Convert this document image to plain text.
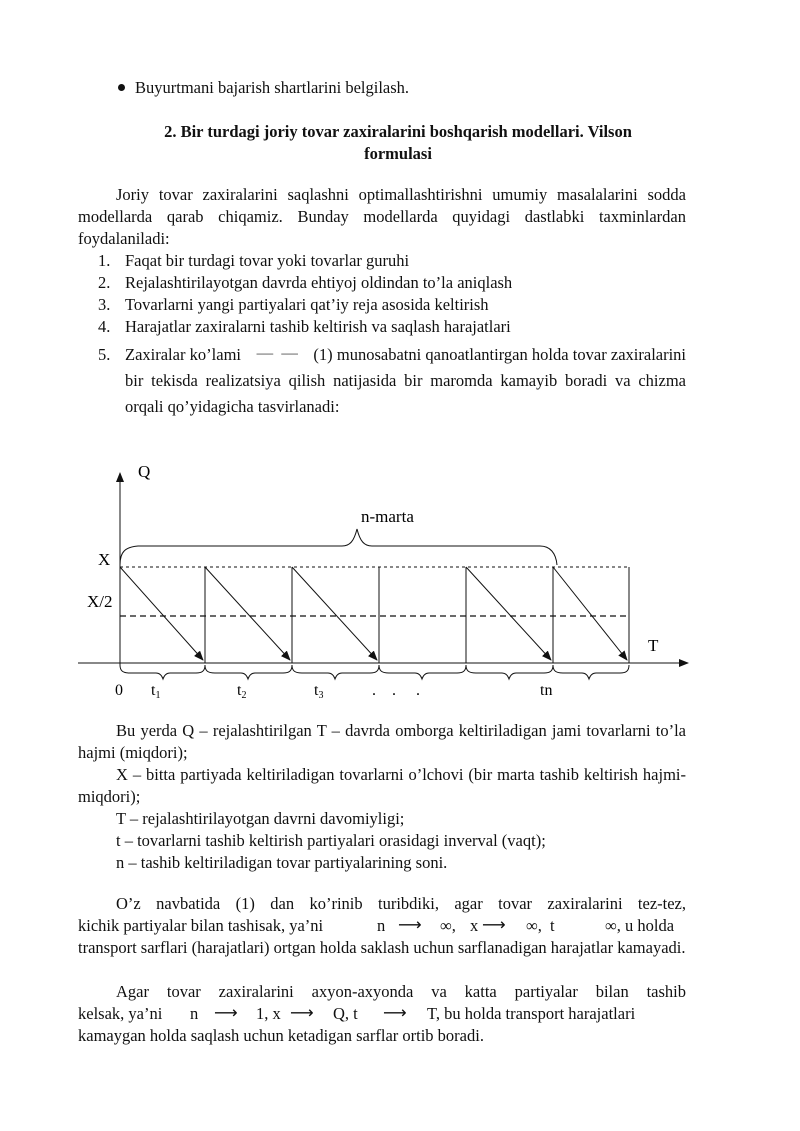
Buyurtmani bajarish shartlarini belgilash.
2. Bir turdagi joriy tovar zaxiralarini boshqarish modellari. Vilson
formulasi
Joriy tovar zaxiralarini saqlashni optimallashtirishni umumiy masalalarini sodda modellarda qarab chiqamiz. Bunday modellarda quyidagi dastlabki taxminlardan foydalaniladi:
1. Faqat bir turdagi tovar yoki tovarlar guruhi
2. Rejalashtirilayotgan davrda ehtiyoj oldindan to’la aniqlash
3. Tovarlarni yangi partiyalari qat’iy reja asosida keltirish
4. Harajatlar zaxiralarni tashib keltirish va saqlash harajatlari
5. Zaxiralar ko’lami —  — (1) munosabatni qanoatlantirgan holda tovar zaxiralarini bir tekisda realizatsiya qilish natijasida bir maromda kamayib boradi va chizma orqali qo’yidagicha tasvirlanadi:
Q
T
X
X/2
n-marta
0 t1	t2	t3	.    .     .	tn
Bu yerda Q – rejalashtirilgan T – davrda omborga keltiriladigan jami tovarlarni to’la hajmi (miqdori);
X – bitta partiyada keltiriladigan tovarlarni o’lchovi (bir marta tashib keltirish hajmi-miqdori);
T – rejalashtirilayotgan davrni davomiyligi;
t – tovarlarni tashib keltirish partiyalari orasidagi inverval (vaqt);
n – tashib keltiriladigan tovar partiyalarining soni.
O’z navbatida (1) dan ko’rinib turibdiki, agar tovar zaxiralarini tez-tez,
kichik partiyalar bilan tashisak, ya’ni	n ⟶ ∞, x ⟶ ∞, t	∞, u holda
transport sarflari (harajatlari) ortgan holda saklash uchun sarflanadigan harajatlar kamayadi.
Agar tovar zaxiralarini axyon-axyonda va katta partiyalar bilan tashib
kelsak, ya’ni n ⟶ 1, x ⟶ Q, t ⟶ T, bu holda transport harajatlari
kamaygan holda saqlash uchun ketadigan sarflar ortib boradi.
